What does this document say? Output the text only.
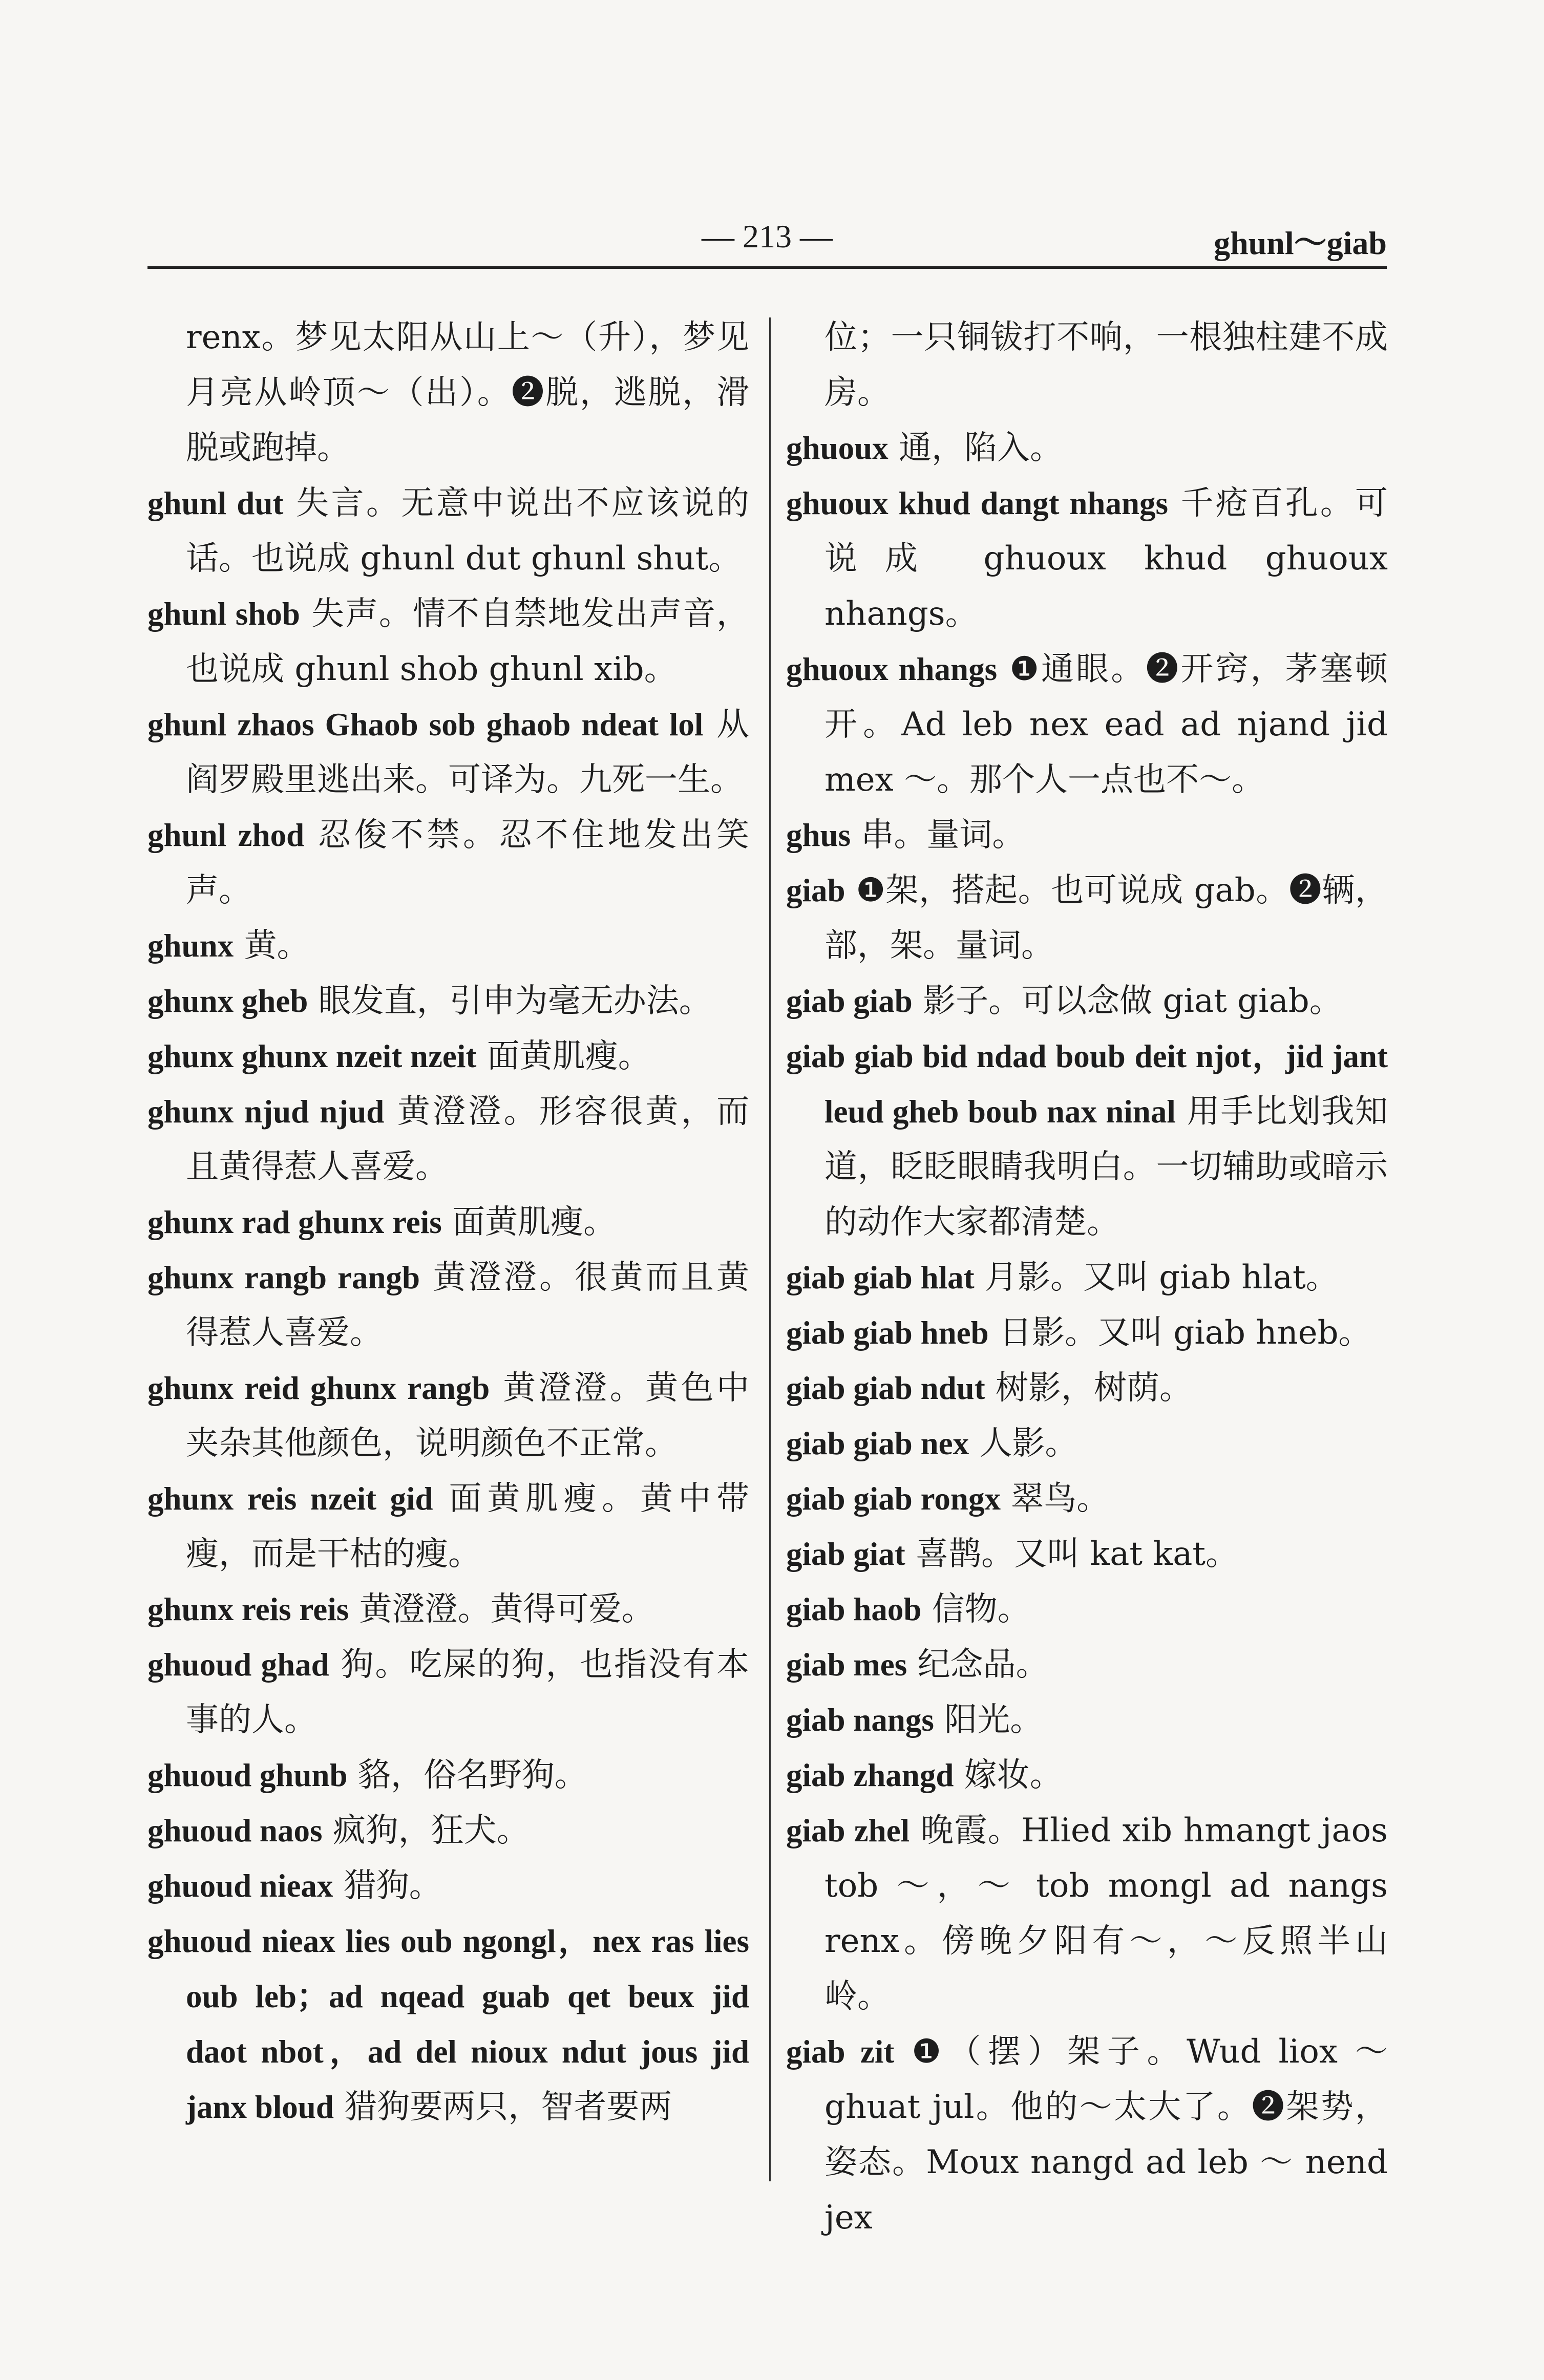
— 213 —	ghunl～giab

renx。梦见太阳从山上～（升），梦见月亮从岭顶～（出）。❷脱，逃脱，滑脱或跑掉。

ghunl dut 失言。无意中说出不应该说的话。也说成 ghunl dut ghunl shut。

ghunl shob 失声。情不自禁地发出声音，也说成 ghunl shob ghunl xib。

ghunl zhaos Ghaob sob ghaob ndeat lol 从阎罗殿里逃出来。可译为。九死一生。

ghunl zhod 忍俊不禁。忍不住地发出笑声。

ghunx 黄。

ghunx gheb 眼发直，引申为毫无办法。

ghunx ghunx nzeit nzeit 面黄肌瘦。

ghunx njud njud 黄澄澄。形容很黄，而且黄得惹人喜爱。

ghunx rad ghunx reis 面黄肌瘦。

ghunx rangb rangb 黄澄澄。很黄而且黄得惹人喜爱。

ghunx reid ghunx rangb 黄澄澄。黄色中夹杂其他颜色，说明颜色不正常。

ghunx reis nzeit gid 面黄肌瘦。黄中带瘦，而是干枯的瘦。

ghunx reis reis 黄澄澄。黄得可爱。

ghuoud ghad 狗。吃屎的狗，也指没有本事的人。

ghuoud ghunb 貉，俗名野狗。

ghuoud naos 疯狗，狂犬。

ghuoud nieax 猎狗。

ghuoud nieax lies oub ngongl，nex ras lies oub leb；ad nqead guab qet beux jid daot nbot，ad del nioux ndut jous jid janx bloud 猎狗要两只，智者要两

位；一只铜钹打不响，一根独柱建不成房。

ghuoux 通，陷入。

ghuoux khud dangt nhangs 千疮百孔。可说成 ghuoux khud ghuoux nhangs。

ghuoux nhangs ❶通眼。❷开窍，茅塞顿开。Ad leb nex ead ad njand jid mex ～。那个人一点也不～。

ghus 串。量词。

giab ❶架，搭起。也可说成 gab。❷辆，部，架。量词。

giab giab 影子。可以念做 giat giab。

giab giab bid ndad boub deit njot，jid jant leud gheb boub nax ninal 用手比划我知道，眨眨眼睛我明白。一切辅助或暗示的动作大家都清楚。

giab giab hlat 月影。又叫 giab hlat。

giab giab hneb 日影。又叫 giab hneb。

giab giab ndut 树影，树荫。

giab giab nex 人影。

giab giab rongx 翠鸟。

giab giat 喜鹊。又叫 kat kat。

giab haob 信物。

giab mes 纪念品。

giab nangs 阳光。

giab zhangd 嫁妆。

giab zhel 晚霞。Hlied xib hmangt jaos tob ～，～ tob mongl ad nangs renx。傍晚夕阳有～，～反照半山岭。

giab zit ❶（摆）架子。Wud liox ～ ghuat jul。他的～太大了。❷架势，姿态。Moux nangd ad leb ～ nend jex
